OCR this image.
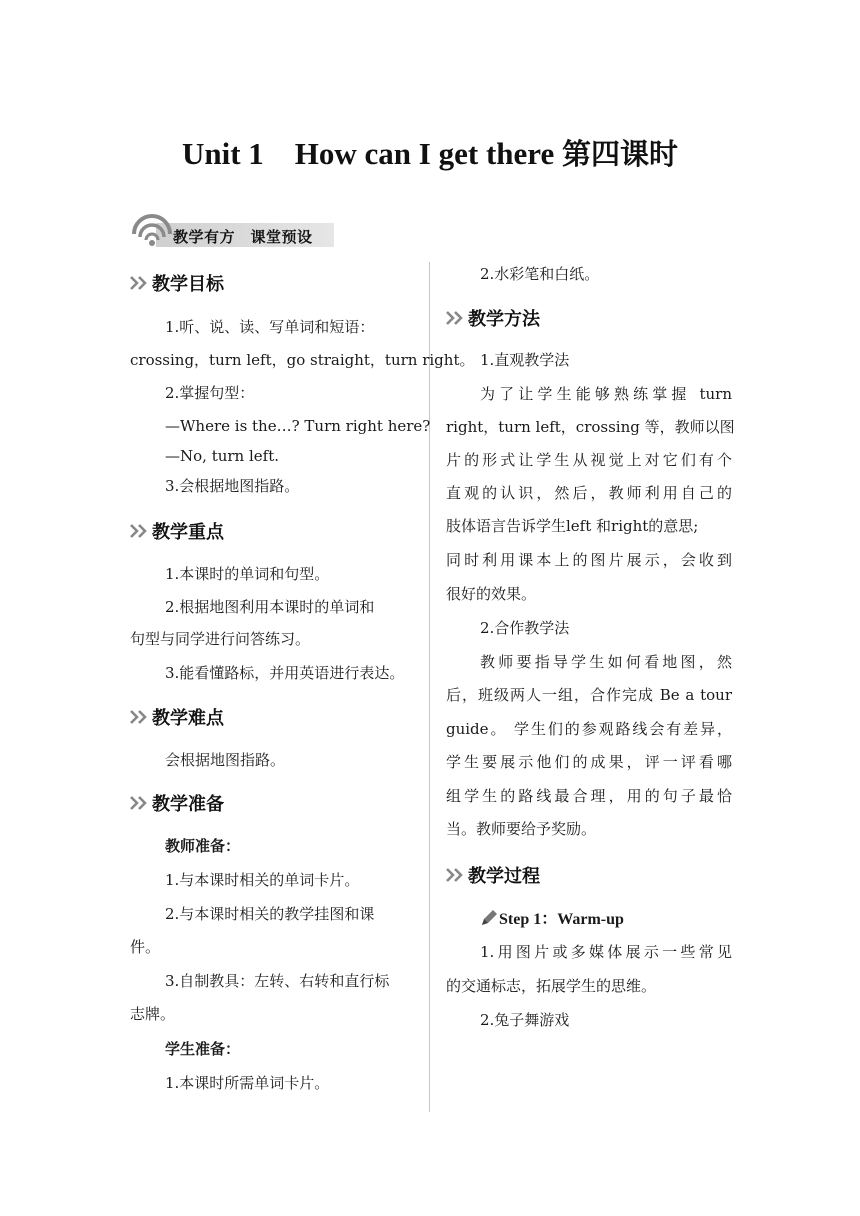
Unit 1　How can I get there 第四课时
教学有方　课堂预设
教学目标
1.听、说、读、写单词和短语：
crossing，turn left，go straight，turn right。
2.掌握句型：
—Where is the…? Turn right here?
—No, turn left.
3.会根据地图指路。
教学重点
1.本课时的单词和句型。
2.根据地图利用本课时的单词和
句型与同学进行问答练习。
3.能看懂路标，并用英语进行表达。
教学难点
会根据地图指路。
教学准备
教师准备：
1.与本课时相关的单词卡片。
2.与本课时相关的教学挂图和课
件。
3.自制教具：左转、右转和直行标
志牌。
学生准备：
1.本课时所需单词卡片。
2.水彩笔和白纸。
教学方法
1.直观教学法
为了让学生能够熟练掌握 turn
right，turn left，crossing 等，教师以图
片的形式让学生从视觉上对它们有个
直观的认识，然后，教师利用自己的
肢体语言告诉学生left 和right的意思;
同时利用课本上的图片展示，会收到
很好的效果。
2.合作教学法
教师要指导学生如何看地图，然
后，班级两人一组，合作完成 Be a tour
guide。 学生们的参观路线会有差异，
学生要展示他们的成果，评一评看哪
组学生的路线最合理，用的句子最恰
当。教师要给予奖励。
教学过程
Step 1：Warm-up
1.用图片或多媒体展示一些常见
的交通标志，拓展学生的思维。
2.兔子舞游戏
